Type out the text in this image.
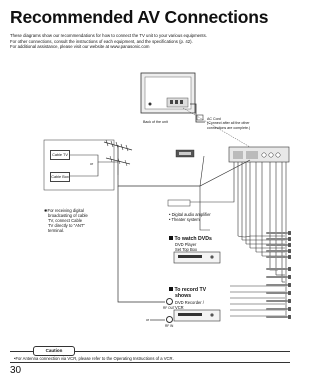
Recommended AV Connections
These diagrams show our recommendations for how to connect the TV unit to your various equipments.
For other connections, consult the instructions of each equipment, and the specifications (p. 42).
For additional assistance, please visit our website at www.panasonic.com
Back of the unit
AC Cord
(Connect after all the other
connections are complete.)
Cable TV
Cable Box
or
✺For receiving digital
broadcasting of cable
TV, connect Cable
TV directly to "ANT"
terminal.
• Digital audio amplifier
• Theater system
To watch DVDs
DVD Player
Set Top Box
To record TV
shows
DVD Recorder /
VCR
RF OUT
RF IN
or
Caution
•For Antenna connection via VCR, please refer to the Operating Instructions of a VCR.
30
